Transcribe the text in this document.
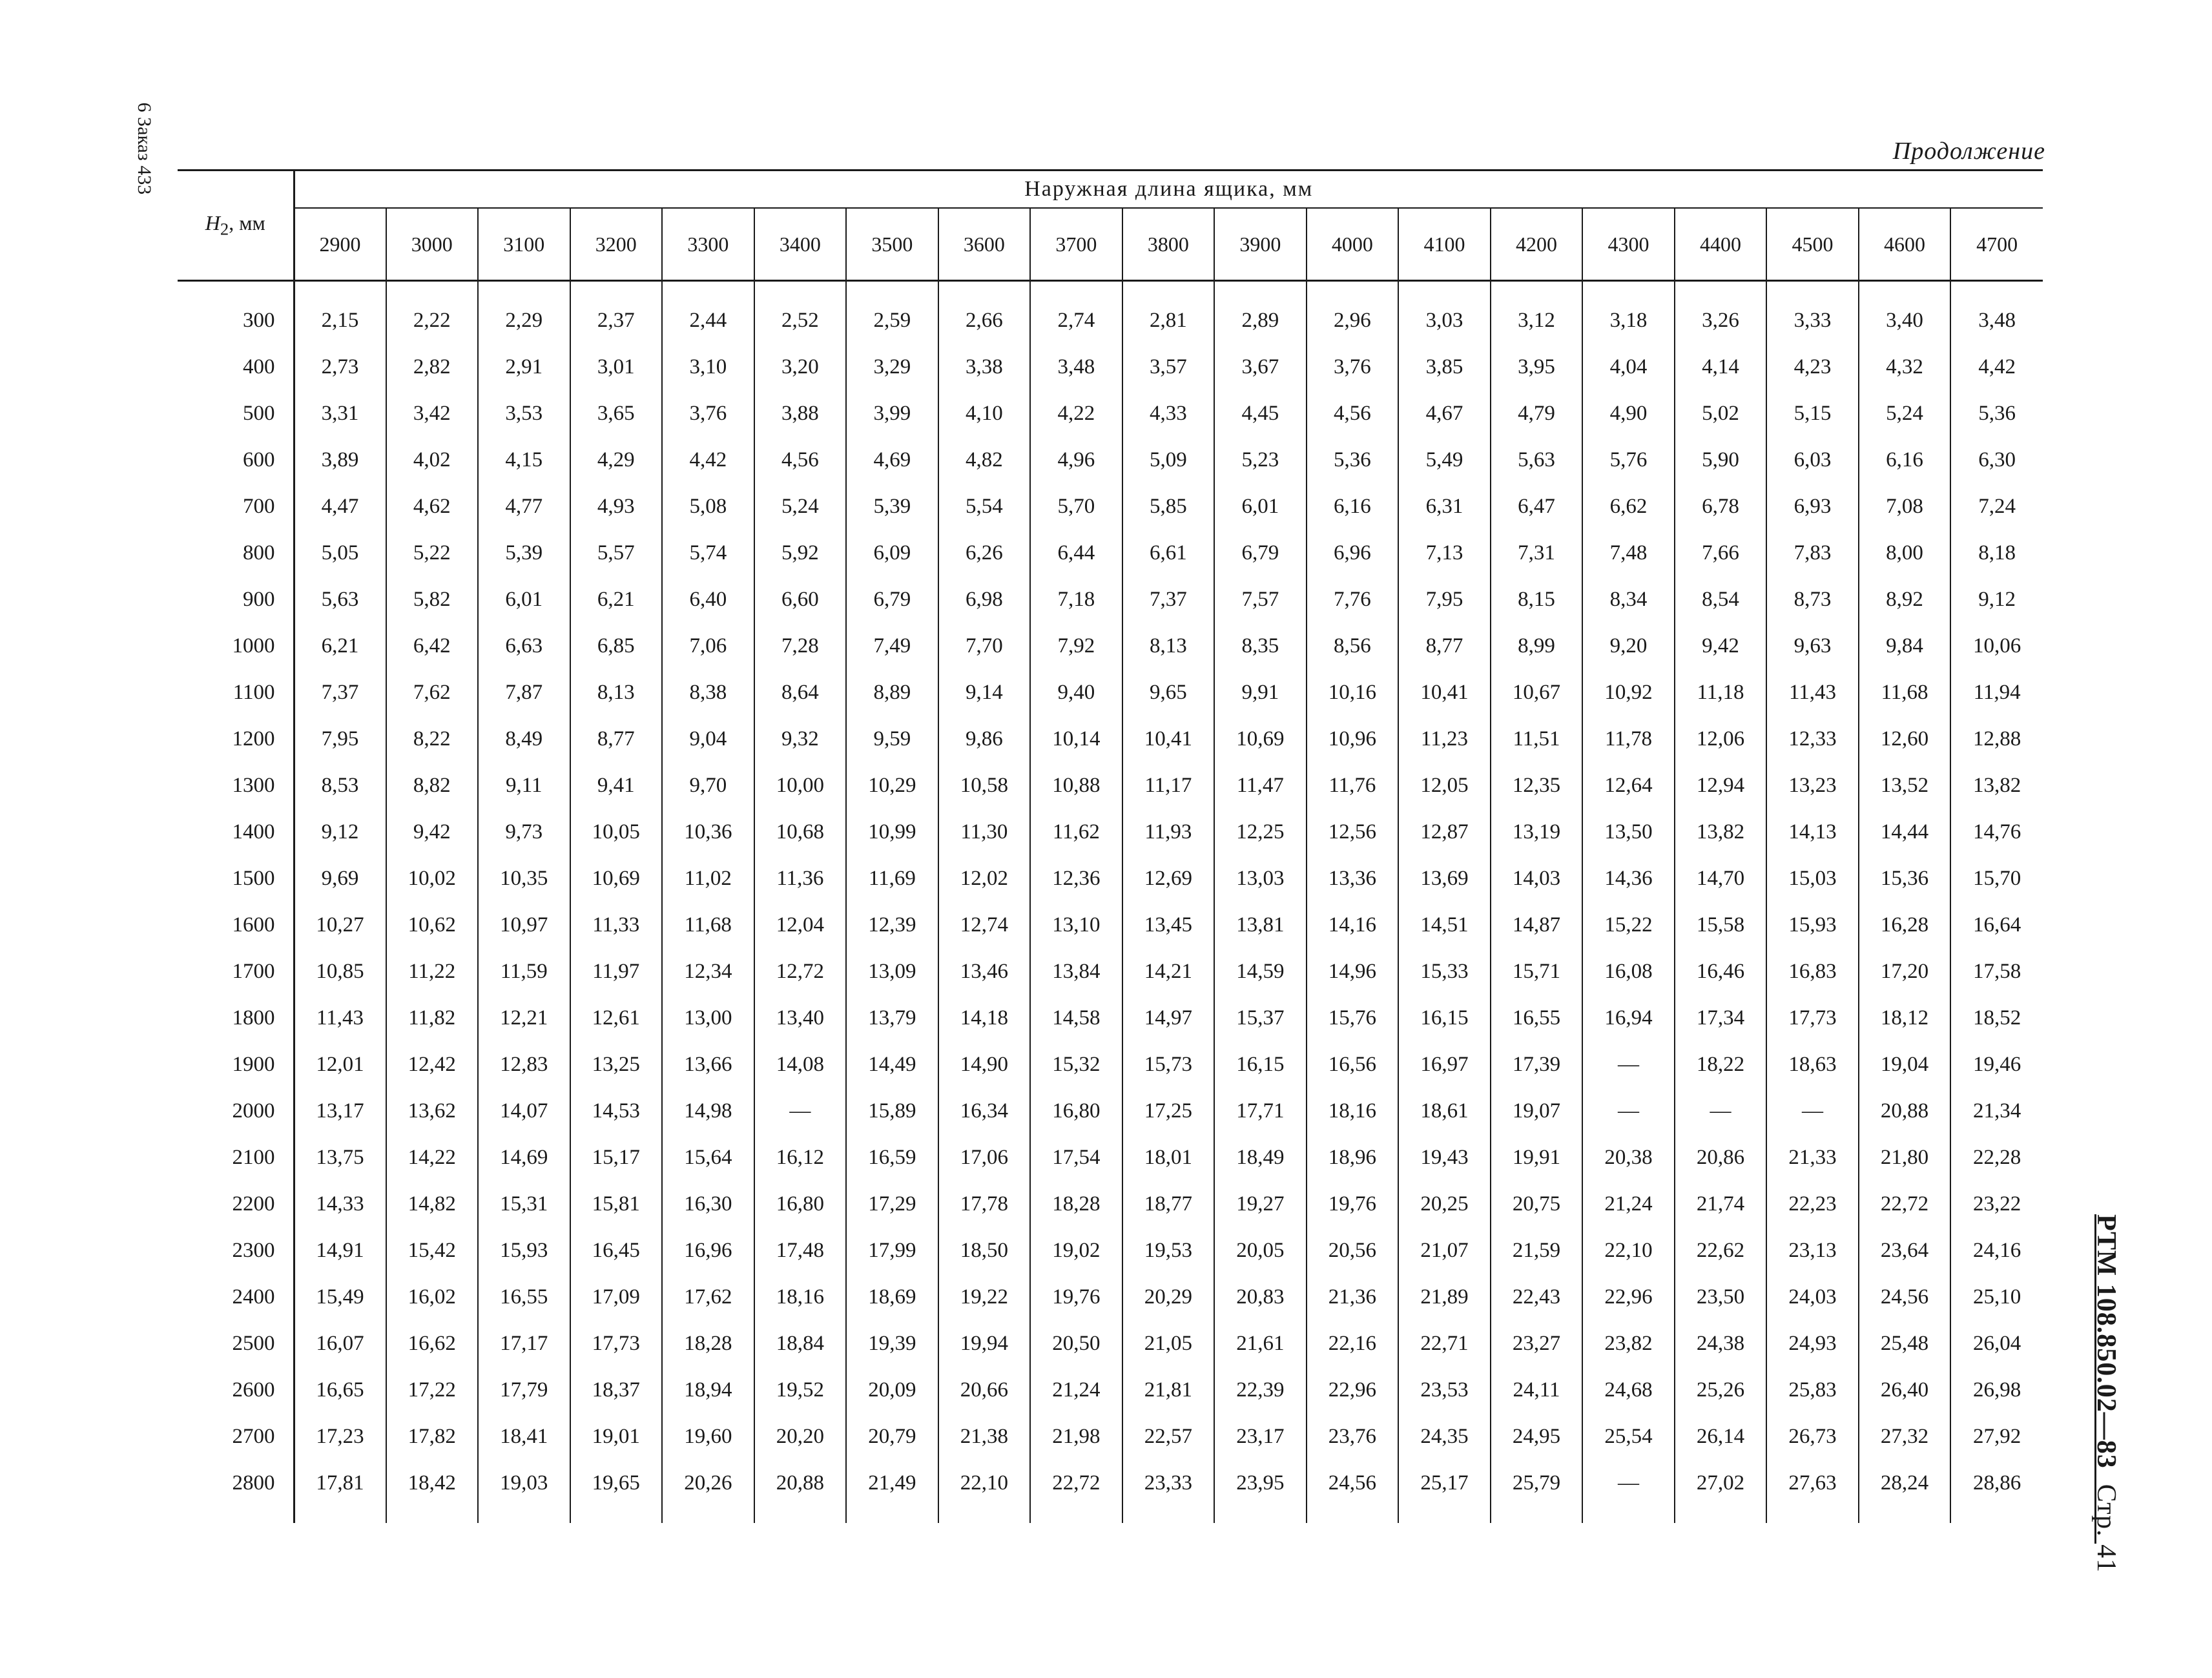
Продолжение
6 Заказ 433
РТМ 108.850.02—83Стр. 41
$H_2$, мм	Наружная длина ящика, мм																		
	2900	3000	3100	3200	3300	3400	3500	3600	3700	3800	3900	4000	4100	4200	4300	4400	4500	4600	4700

300	2,15	2,22	2,29	2,37	2,44	2,52	2,59	2,66	2,74	2,81	2,89	2,96	3,03	3,12	3,18	3,26	3,33	3,40	3,48
400	2,73	2,82	2,91	3,01	3,10	3,20	3,29	3,38	3,48	3,57	3,67	3,76	3,85	3,95	4,04	4,14	4,23	4,32	4,42
500	3,31	3,42	3,53	3,65	3,76	3,88	3,99	4,10	4,22	4,33	4,45	4,56	4,67	4,79	4,90	5,02	5,15	5,24	5,36
600	3,89	4,02	4,15	4,29	4,42	4,56	4,69	4,82	4,96	5,09	5,23	5,36	5,49	5,63	5,76	5,90	6,03	6,16	6,30
700	4,47	4,62	4,77	4,93	5,08	5,24	5,39	5,54	5,70	5,85	6,01	6,16	6,31	6,47	6,62	6,78	6,93	7,08	7,24
800	5,05	5,22	5,39	5,57	5,74	5,92	6,09	6,26	6,44	6,61	6,79	6,96	7,13	7,31	7,48	7,66	7,83	8,00	8,18
900	5,63	5,82	6,01	6,21	6,40	6,60	6,79	6,98	7,18	7,37	7,57	7,76	7,95	8,15	8,34	8,54	8,73	8,92	9,12
1000	6,21	6,42	6,63	6,85	7,06	7,28	7,49	7,70	7,92	8,13	8,35	8,56	8,77	8,99	9,20	9,42	9,63	9,84	10,06
1100	7,37	7,62	7,87	8,13	8,38	8,64	8,89	9,14	9,40	9,65	9,91	10,16	10,41	10,67	10,92	11,18	11,43	11,68	11,94
1200	7,95	8,22	8,49	8,77	9,04	9,32	9,59	9,86	10,14	10,41	10,69	10,96	11,23	11,51	11,78	12,06	12,33	12,60	12,88
1300	8,53	8,82	9,11	9,41	9,70	10,00	10,29	10,58	10,88	11,17	11,47	11,76	12,05	12,35	12,64	12,94	13,23	13,52	13,82
1400	9,12	9,42	9,73	10,05	10,36	10,68	10,99	11,30	11,62	11,93	12,25	12,56	12,87	13,19	13,50	13,82	14,13	14,44	14,76
1500	9,69	10,02	10,35	10,69	11,02	11,36	11,69	12,02	12,36	12,69	13,03	13,36	13,69	14,03	14,36	14,70	15,03	15,36	15,70
1600	10,27	10,62	10,97	11,33	11,68	12,04	12,39	12,74	13,10	13,45	13,81	14,16	14,51	14,87	15,22	15,58	15,93	16,28	16,64
1700	10,85	11,22	11,59	11,97	12,34	12,72	13,09	13,46	13,84	14,21	14,59	14,96	15,33	15,71	16,08	16,46	16,83	17,20	17,58
1800	11,43	11,82	12,21	12,61	13,00	13,40	13,79	14,18	14,58	14,97	15,37	15,76	16,15	16,55	16,94	17,34	17,73	18,12	18,52
1900	12,01	12,42	12,83	13,25	13,66	14,08	14,49	14,90	15,32	15,73	16,15	16,56	16,97	17,39	—	18,22	18,63	19,04	19,46
2000	13,17	13,62	14,07	14,53	14,98	—	15,89	16,34	16,80	17,25	17,71	18,16	18,61	19,07	—	—	—	20,88	21,34
2100	13,75	14,22	14,69	15,17	15,64	16,12	16,59	17,06	17,54	18,01	18,49	18,96	19,43	19,91	20,38	20,86	21,33	21,80	22,28
2200	14,33	14,82	15,31	15,81	16,30	16,80	17,29	17,78	18,28	18,77	19,27	19,76	20,25	20,75	21,24	21,74	22,23	22,72	23,22
2300	14,91	15,42	15,93	16,45	16,96	17,48	17,99	18,50	19,02	19,53	20,05	20,56	21,07	21,59	22,10	22,62	23,13	23,64	24,16
2400	15,49	16,02	16,55	17,09	17,62	18,16	18,69	19,22	19,76	20,29	20,83	21,36	21,89	22,43	22,96	23,50	24,03	24,56	25,10
2500	16,07	16,62	17,17	17,73	18,28	18,84	19,39	19,94	20,50	21,05	21,61	22,16	22,71	23,27	23,82	24,38	24,93	25,48	26,04
2600	16,65	17,22	17,79	18,37	18,94	19,52	20,09	20,66	21,24	21,81	22,39	22,96	23,53	24,11	24,68	25,26	25,83	26,40	26,98
2700	17,23	17,82	18,41	19,01	19,60	20,20	20,79	21,38	21,98	22,57	23,17	23,76	24,35	24,95	25,54	26,14	26,73	27,32	27,92
2800	17,81	18,42	19,03	19,65	20,26	20,88	21,49	22,10	22,72	23,33	23,95	24,56	25,17	25,79	—	27,02	27,63	28,24	28,86
